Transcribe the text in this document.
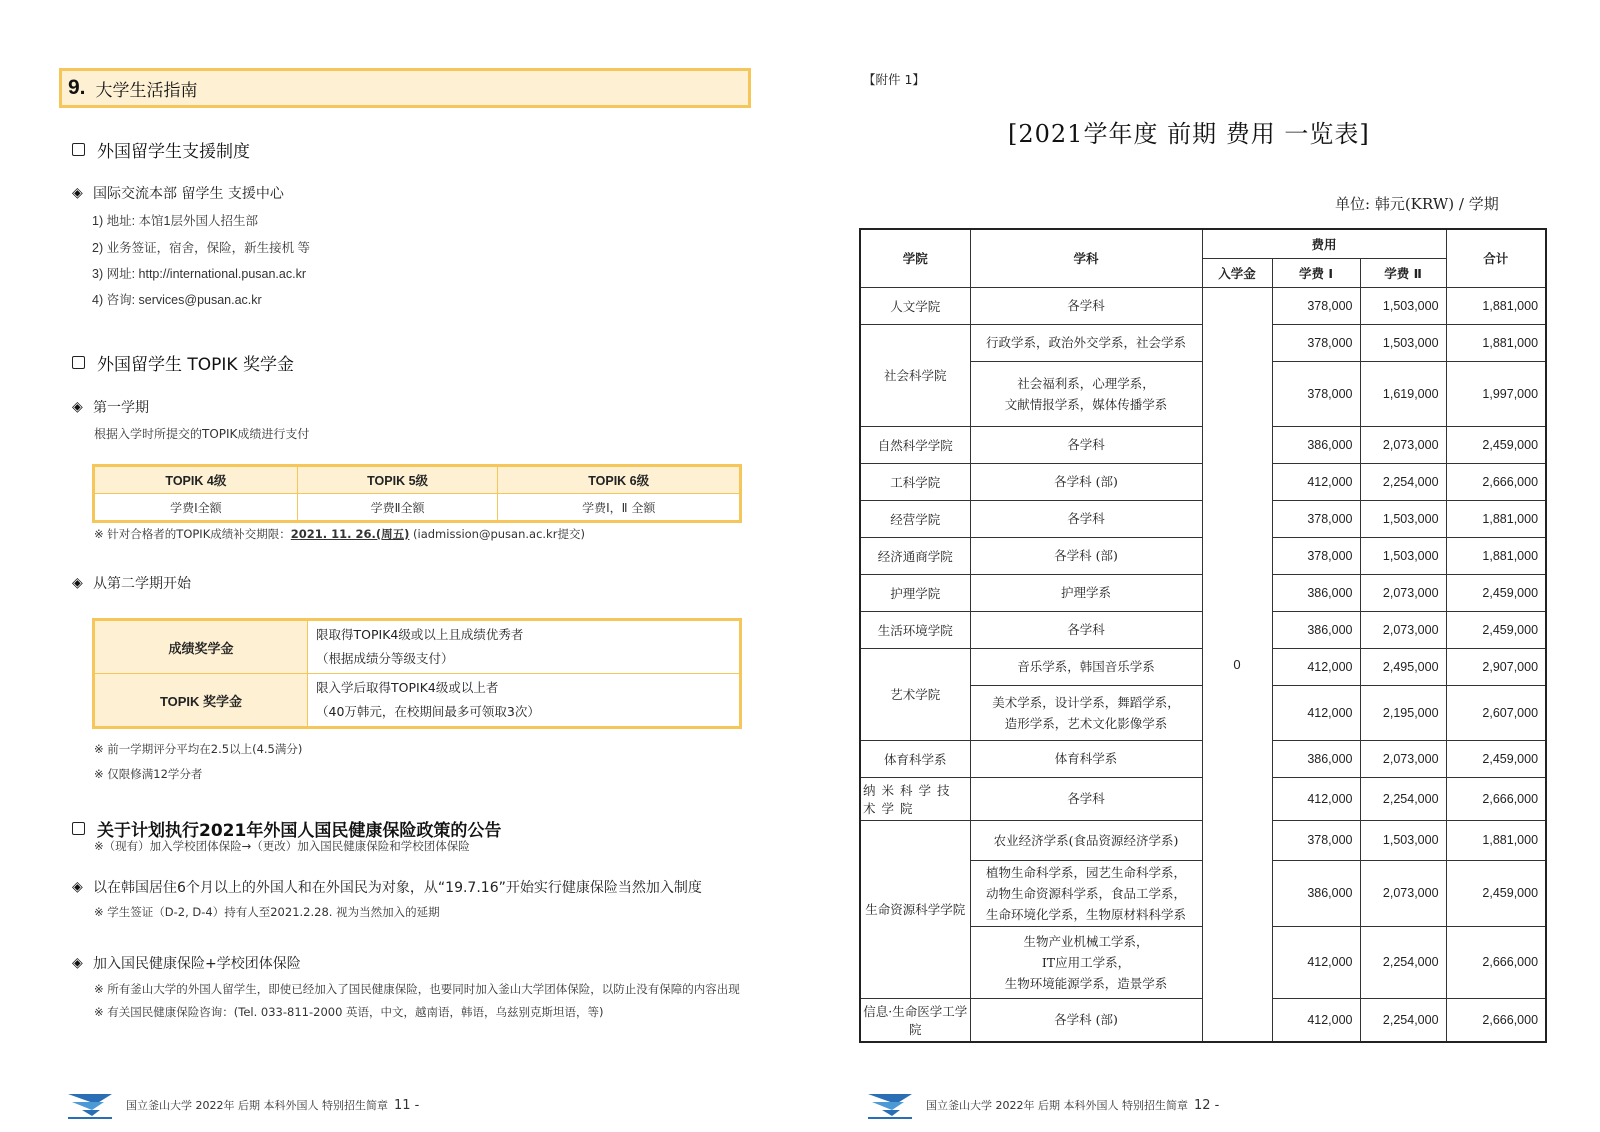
9. 大学生活指南
外国留学生支援制度
◈ 国际交流本部 留学生 支援中心
1) 地址: 本馆1层外国人招生部
2) 业务签证，宿舍，保险，新生接机 等
3) 网址: http://international.pusan.ac.kr
4) 咨询: services@pusan.ac.kr
外国留学生 TOPIK 奖学金
◈ 第一学期
根据入学时所提交的TOPIK成绩进行支付
TOPIK 4级	TOPIK 5级	TOPIK 6级
学费Ⅰ全额	学费Ⅱ全额	学费Ⅰ，Ⅱ 全额
※ 针对合格者的TOPIK成绩补交期限：2021. 11. 26.(周五) (iadmission@pusan.ac.kr提交)
◈ 从第二学期开始
成绩奖学金	限取得TOPIK4级或以上且成绩优秀者
（根据成绩分等级支付）

TOPIK 奖学金	限入学后取得TOPIK4级或以上者
（40万韩元，在校期间最多可领取3次）
※ 前一学期评分平均在2.5以上(4.5满分)
※ 仅限修满12学分者
关于计划执行2021年外国人国民健康保险政策的公告
※（现有）加入学校团体保险→（更改）加入国民健康保险和学校团体保险
◈ 以在韩国居住6个月以上的外国人和在外国民为对象，从“19.7.16”开始实行健康保险当然加入制度
※ 学生签证（D-2, D-4）持有人至2021.2.28. 视为当然加入的延期
◈ 加入国民健康保险+学校团体保险
※ 所有釜山大学的外国人留学生，即使已经加入了国民健康保险，也要同时加入釜山大学团体保险，以防止没有保障的内容出现
※ 有关国民健康保险咨询：(Tel. 033-811-2000 英语，中文，越南语，韩语，乌兹别克斯坦语，等)
国立釜山大学 2022年 后期 本科外国人 特别招生简章 11 -
【附件 1】
[2021学年度 前期 费用 一览表]
单位: 韩元(KRW) / 学期
学院	学科	费用			合计
		入学金	学费 Ⅰ	学费 Ⅱ	
人文学院	各学科	0	378,000	1,503,000	1,881,000
社会科学院	行政学系，政治外交学系，社会学系		378,000	1,503,000	1,881,000
	社会福利系，心理学系，
文献情报学系，媒体传播学系		378,000	1,619,000	1,997,000
自然科学学院	各学科		386,000	2,073,000	2,459,000
工科学院	各学科 (部)		412,000	2,254,000	2,666,000
经营学院	各学科		378,000	1,503,000	1,881,000
经济通商学院	各学科 (部)		378,000	1,503,000	1,881,000
护理学院	护理学系		386,000	2,073,000	2,459,000
生活环境学院	各学科		386,000	2,073,000	2,459,000
艺术学院	音乐学系，韩国音乐学系		412,000	2,495,000	2,907,000
	美术学系，设计学系，舞蹈学系，
造形学系，艺术文化影像学系		412,000	2,195,000	2,607,000
体育科学系	体育科学系		386,000	2,073,000	2,459,000
纳米科学技术学院	各学科		412,000	2,254,000	2,666,000
生命资源科学学院	农业经济学系(食品资源经济学系)		378,000	1,503,000	1,881,000
	植物生命科学系，园艺生命科学系，
动物生命资源科学系，食品工学系，
生命环境化学系，生物原材料科学系		386,000	2,073,000	2,459,000
	生物产业机械工学系，
IT应用工学系，
生物环境能源学系，造景学系		412,000	2,254,000	2,666,000
信息·生命医学工学院	各学科 (部)		412,000	2,254,000	2,666,000
国立釜山大学 2022年 后期 本科外国人 特别招生简章 12 -
